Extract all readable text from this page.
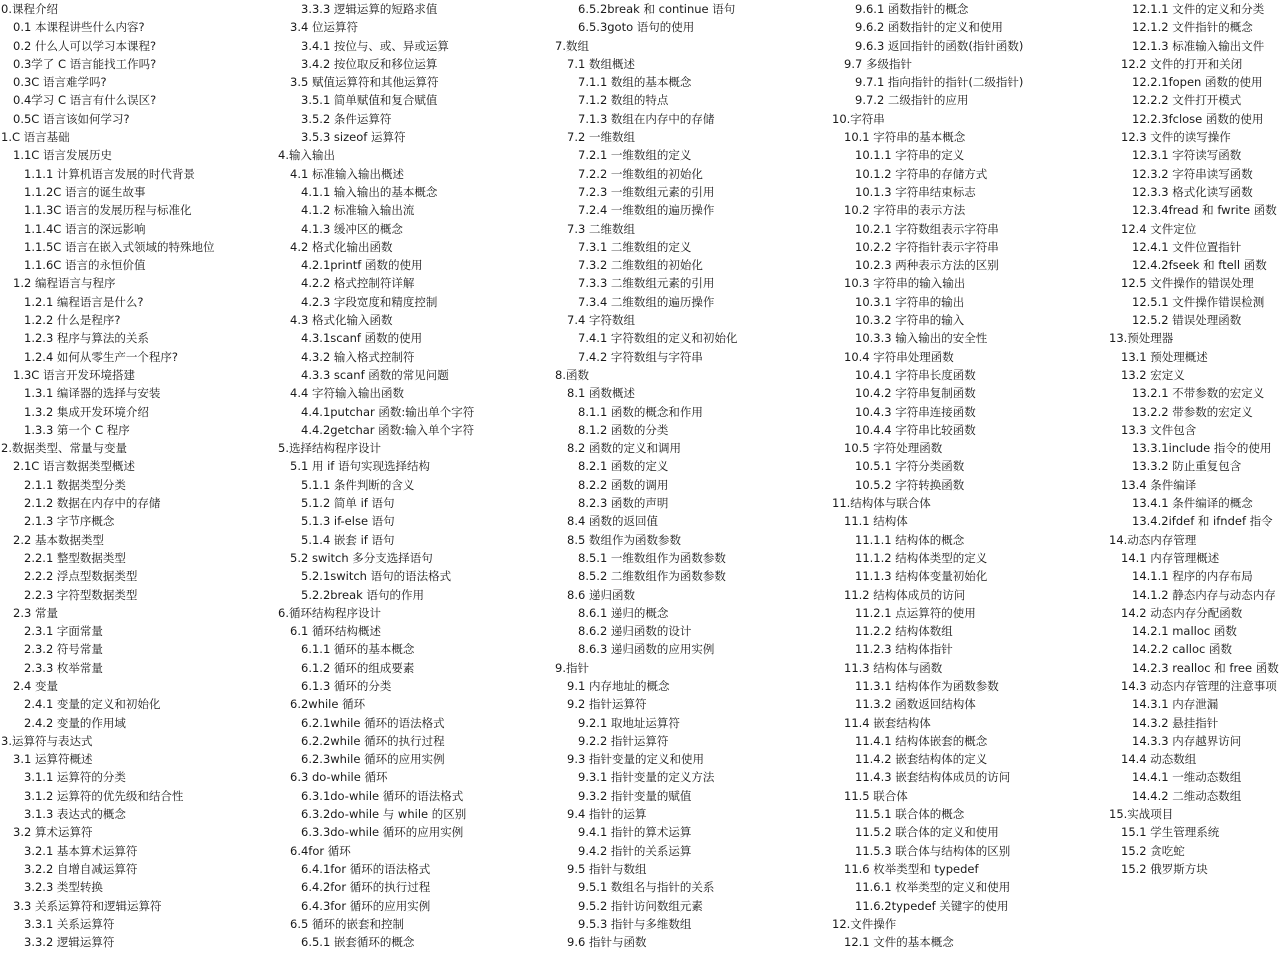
0.课程介绍
0.1 本课程讲些什么内容?
0.2 什么人可以学习本课程?
0.3学了 C 语言能找工作吗?
0.3C 语言难学吗?
0.4学习 C 语言有什么误区?
0.5C 语言该如何学习?
1.C 语言基础
1.1C 语言发展历史
1.1.1 计算机语言发展的时代背景
1.1.2C 语言的诞生故事
1.1.3C 语言的发展历程与标准化
1.1.4C 语言的深远影响
1.1.5C 语言在嵌入式领域的特殊地位
1.1.6C 语言的永恒价值
1.2 编程语言与程序
1.2.1 编程语言是什么?
1.2.2 什么是程序?
1.2.3 程序与算法的关系
1.2.4 如何从零生产一个程序?
1.3C 语言开发环境搭建
1.3.1 编译器的选择与安装
1.3.2 集成开发环境介绍
1.3.3 第一个 C 程序
2.数据类型、常量与变量
2.1C 语言数据类型概述
2.1.1 数据类型分类
2.1.2 数据在内存中的存储
2.1.3 字节序概念
2.2 基本数据类型
2.2.1 整型数据类型
2.2.2 浮点型数据类型
2.2.3 字符型数据类型
2.3 常量
2.3.1 字面常量
2.3.2 符号常量
2.3.3 枚举常量
2.4 变量
2.4.1 变量的定义和初始化
2.4.2 变量的作用域
3.运算符与表达式
3.1 运算符概述
3.1.1 运算符的分类
3.1.2 运算符的优先级和结合性
3.1.3 表达式的概念
3.2 算术运算符
3.2.1 基本算术运算符
3.2.2 自增自减运算符
3.2.3 类型转换
3.3 关系运算符和逻辑运算符
3.3.1 关系运算符
3.3.2 逻辑运算符
3.3.3 逻辑运算的短路求值
3.4 位运算符
3.4.1 按位与、或、异或运算
3.4.2 按位取反和移位运算
3.5 赋值运算符和其他运算符
3.5.1 简单赋值和复合赋值
3.5.2 条件运算符
3.5.3 sizeof 运算符
4.输入输出
4.1 标准输入输出概述
4.1.1 输入输出的基本概念
4.1.2 标准输入输出流
4.1.3 缓冲区的概念
4.2 格式化输出函数
4.2.1printf 函数的使用
4.2.2 格式控制符详解
4.2.3 字段宽度和精度控制
4.3 格式化输入函数
4.3.1scanf 函数的使用
4.3.2 输入格式控制符
4.3.3 scanf 函数的常见问题
4.4 字符输入输出函数
4.4.1putchar 函数:输出单个字符
4.4.2getchar 函数:输入单个字符
5.选择结构程序设计
5.1 用 if 语句实现选择结构
5.1.1 条件判断的含义
5.1.2 简单 if 语句
5.1.3 if-else 语句
5.1.4 嵌套 if 语句
5.2 switch 多分支选择语句
5.2.1switch 语句的语法格式
5.2.2break 语句的作用
6.循环结构程序设计
6.1 循环结构概述
6.1.1 循环的基本概念
6.1.2 循环的组成要素
6.1.3 循环的分类
6.2while 循环
6.2.1while 循环的语法格式
6.2.2while 循环的执行过程
6.2.3while 循环的应用实例
6.3 do-while 循环
6.3.1do-while 循环的语法格式
6.3.2do-while 与 while 的区别
6.3.3do-while 循环的应用实例
6.4for 循环
6.4.1for 循环的语法格式
6.4.2for 循环的执行过程
6.4.3for 循环的应用实例
6.5 循环的嵌套和控制
6.5.1 嵌套循环的概念
6.5.2break 和 continue 语句
6.5.3goto 语句的使用
7.数组
7.1 数组概述
7.1.1 数组的基本概念
7.1.2 数组的特点
7.1.3 数组在内存中的存储
7.2 一维数组
7.2.1 一维数组的定义
7.2.2 一维数组的初始化
7.2.3 一维数组元素的引用
7.2.4 一维数组的遍历操作
7.3 二维数组
7.3.1 二维数组的定义
7.3.2 二维数组的初始化
7.3.3 二维数组元素的引用
7.3.4 二维数组的遍历操作
7.4 字符数组
7.4.1 字符数组的定义和初始化
7.4.2 字符数组与字符串
8.函数
8.1 函数概述
8.1.1 函数的概念和作用
8.1.2 函数的分类
8.2 函数的定义和调用
8.2.1 函数的定义
8.2.2 函数的调用
8.2.3 函数的声明
8.4 函数的返回值
8.5 数组作为函数参数
8.5.1 一维数组作为函数参数
8.5.2 二维数组作为函数参数
8.6 递归函数
8.6.1 递归的概念
8.6.2 递归函数的设计
8.6.3 递归函数的应用实例
9.指针
9.1 内存地址的概念
9.2 指针运算符
9.2.1 取地址运算符
9.2.2 指针运算符
9.3 指针变量的定义和使用
9.3.1 指针变量的定义方法
9.3.2 指针变量的赋值
9.4 指针的运算
9.4.1 指针的算术运算
9.4.2 指针的关系运算
9.5 指针与数组
9.5.1 数组名与指针的关系
9.5.2 指针访问数组元素
9.5.3 指针与多维数组
9.6 指针与函数
9.6.1 函数指针的概念
9.6.2 函数指针的定义和使用
9.6.3 返回指针的函数(指针函数)
9.7 多级指针
9.7.1 指向指针的指针(二级指针)
9.7.2 二级指针的应用
10.字符串
10.1 字符串的基本概念
10.1.1 字符串的定义
10.1.2 字符串的存储方式
10.1.3 字符串结束标志
10.2 字符串的表示方法
10.2.1 字符数组表示字符串
10.2.2 字符指针表示字符串
10.2.3 两种表示方法的区别
10.3 字符串的输入输出
10.3.1 字符串的输出
10.3.2 字符串的输入
10.3.3 输入输出的安全性
10.4 字符串处理函数
10.4.1 字符串长度函数
10.4.2 字符串复制函数
10.4.3 字符串连接函数
10.4.4 字符串比较函数
10.5 字符处理函数
10.5.1 字符分类函数
10.5.2 字符转换函数
11.结构体与联合体
11.1 结构体
11.1.1 结构体的概念
11.1.2 结构体类型的定义
11.1.3 结构体变量初始化
11.2 结构体成员的访问
11.2.1 点运算符的使用
11.2.2 结构体数组
11.2.3 结构体指针
11.3 结构体与函数
11.3.1 结构体作为函数参数
11.3.2 函数返回结构体
11.4 嵌套结构体
11.4.1 结构体嵌套的概念
11.4.2 嵌套结构体的定义
11.4.3 嵌套结构体成员的访问
11.5 联合体
11.5.1 联合体的概念
11.5.2 联合体的定义和使用
11.5.3 联合体与结构体的区别
11.6 枚举类型和 typedef
11.6.1 枚举类型的定义和使用
11.6.2typedef 关键字的使用
12.文件操作
12.1 文件的基本概念
12.1.1 文件的定义和分类
12.1.2 文件指针的概念
12.1.3 标准输入输出文件
12.2 文件的打开和关闭
12.2.1fopen 函数的使用
12.2.2 文件打开模式
12.2.3fclose 函数的使用
12.3 文件的读写操作
12.3.1 字符读写函数
12.3.2 字符串读写函数
12.3.3 格式化读写函数
12.3.4fread 和 fwrite 函数
12.4 文件定位
12.4.1 文件位置指针
12.4.2fseek 和 ftell 函数
12.5 文件操作的错误处理
12.5.1 文件操作错误检测
12.5.2 错误处理函数
13.预处理器
13.1 预处理概述
13.2 宏定义
13.2.1 不带参数的宏定义
13.2.2 带参数的宏定义
13.3 文件包含
13.3.1include 指令的使用
13.3.2 防止重复包含
13.4 条件编译
13.4.1 条件编译的概念
13.4.2ifdef 和 ifndef 指令
14.动态内存管理
14.1 内存管理概述
14.1.1 程序的内存布局
14.1.2 静态内存与动态内存
14.2 动态内存分配函数
14.2.1 malloc 函数
14.2.2 calloc 函数
14.2.3 realloc 和 free 函数
14.3 动态内存管理的注意事项
14.3.1 内存泄漏
14.3.2 悬挂指针
14.3.3 内存越界访问
14.4 动态数组
14.4.1 一维动态数组
14.4.2 二维动态数组
15.实战项目
15.1 学生管理系统
15.2 贪吃蛇
15.2 俄罗斯方块
